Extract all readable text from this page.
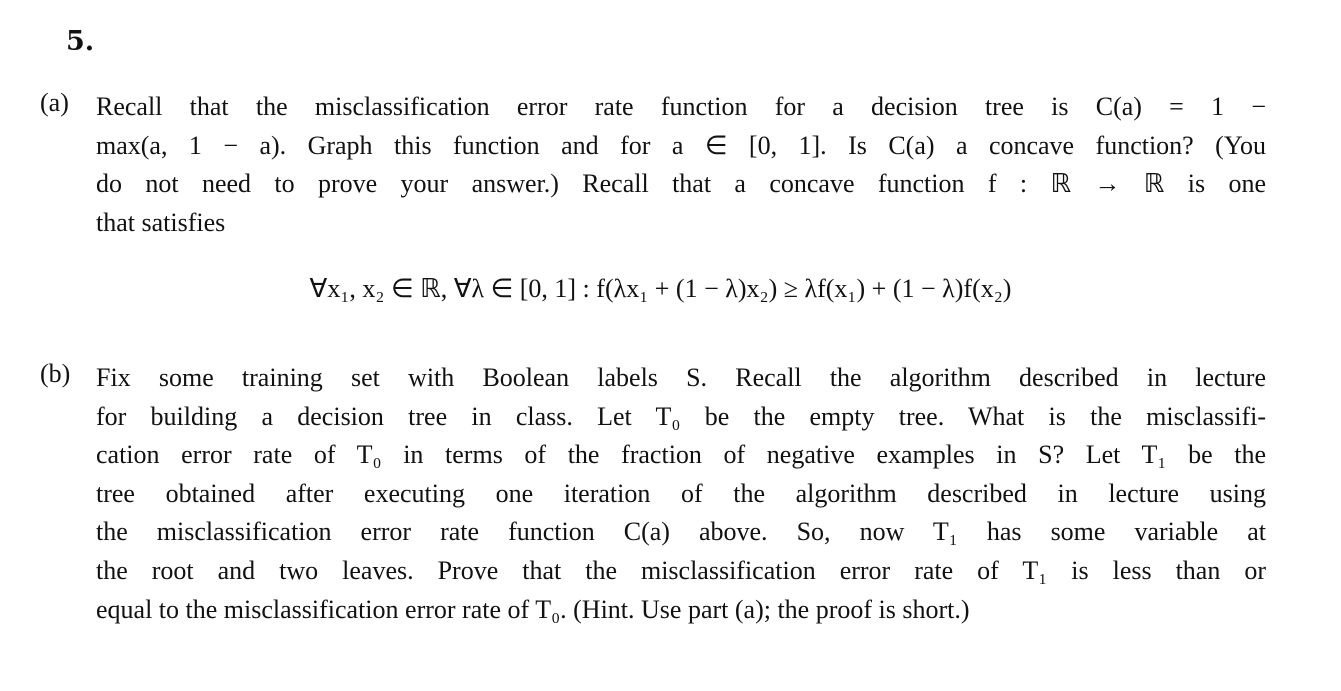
5.
(a) Recall that the misclassification error rate function for a decision tree is C(a) = 1 −
max(a, 1 − a). Graph this function and for a ∈ [0, 1]. Is C(a) a concave function? (You
do not need to prove your answer.) Recall that a concave function f : ℝ → ℝ is one
that satisfies
∀x₁, x₂ ∈ ℝ, ∀λ ∈ [0, 1] : f(λx₁ + (1 − λ)x₂) ≥ λf(x₁) + (1 − λ)f(x₂)
(b) Fix some training set with Boolean labels S. Recall the algorithm described in lecture
for building a decision tree in class. Let T₀ be the empty tree. What is the misclassifi-
cation error rate of T₀ in terms of the fraction of negative examples in S? Let T₁ be the
tree obtained after executing one iteration of the algorithm described in lecture using
the misclassification error rate function C(a) above. So, now T₁ has some variable at
the root and two leaves. Prove that the misclassification error rate of T₁ is less than or
equal to the misclassification error rate of T₀. (Hint. Use part (a); the proof is short.)
